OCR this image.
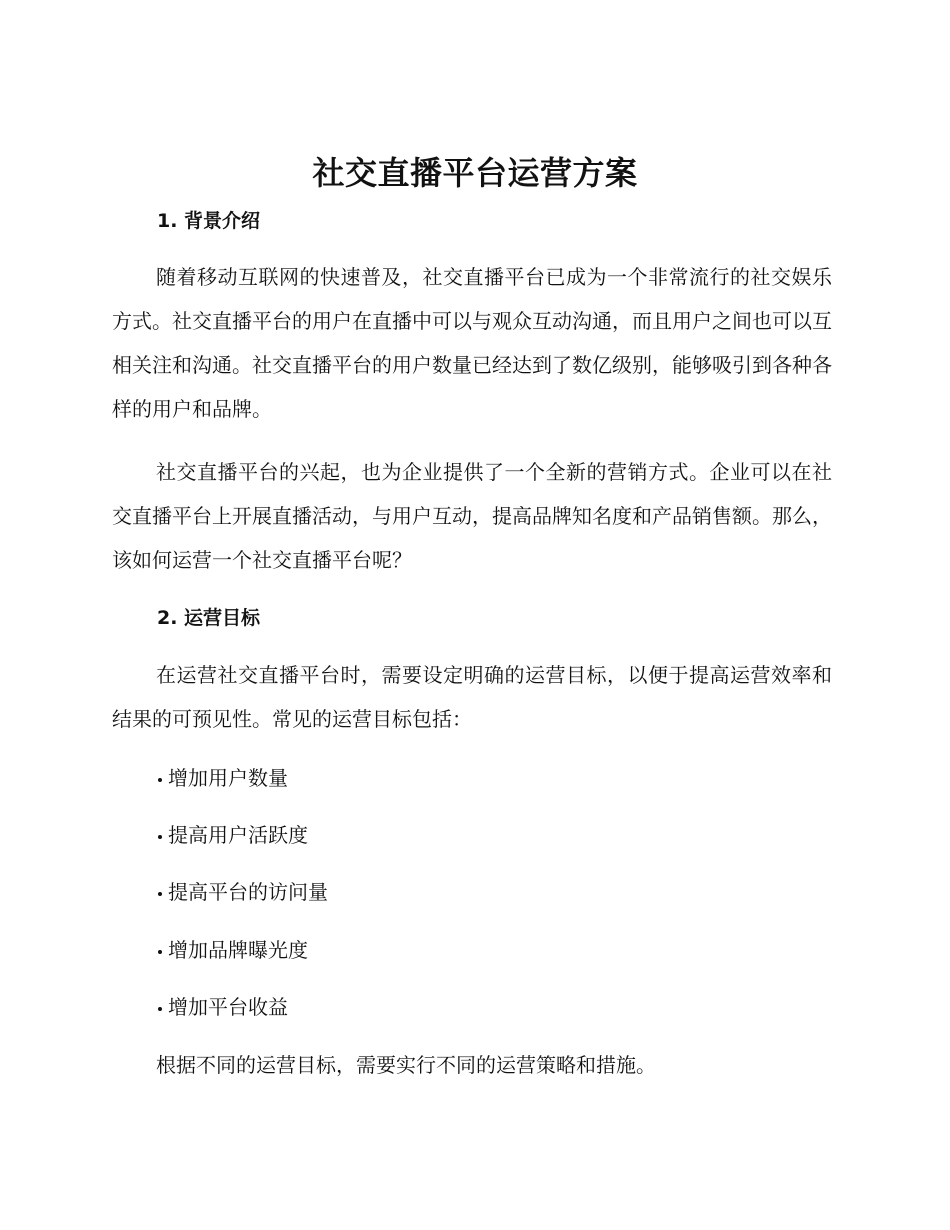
社交直播平台运营方案
1. 背景介绍

随着移动互联网的快速普及，社交直播平台已成为一个非常流行的社交娱乐方式。社交直播平台的用户在直播中可以与观众互动沟通，而且用户之间也可以互相关注和沟通。社交直播平台的用户数量已经达到了数亿级别，能够吸引到各种各样的用户和品牌。

社交直播平台的兴起，也为企业提供了一个全新的营销方式。企业可以在社交直播平台上开展直播活动，与用户互动，提高品牌知名度和产品销售额。那么，该如何运营一个社交直播平台呢？

2. 运营目标

在运营社交直播平台时，需要设定明确的运营目标，以便于提高运营效率和结果的可预见性。常见的运营目标包括：

增加用户数量
提高用户活跃度
提高平台的访问量
增加品牌曝光度
增加平台收益

根据不同的运营目标，需要实行不同的运营策略和措施。
